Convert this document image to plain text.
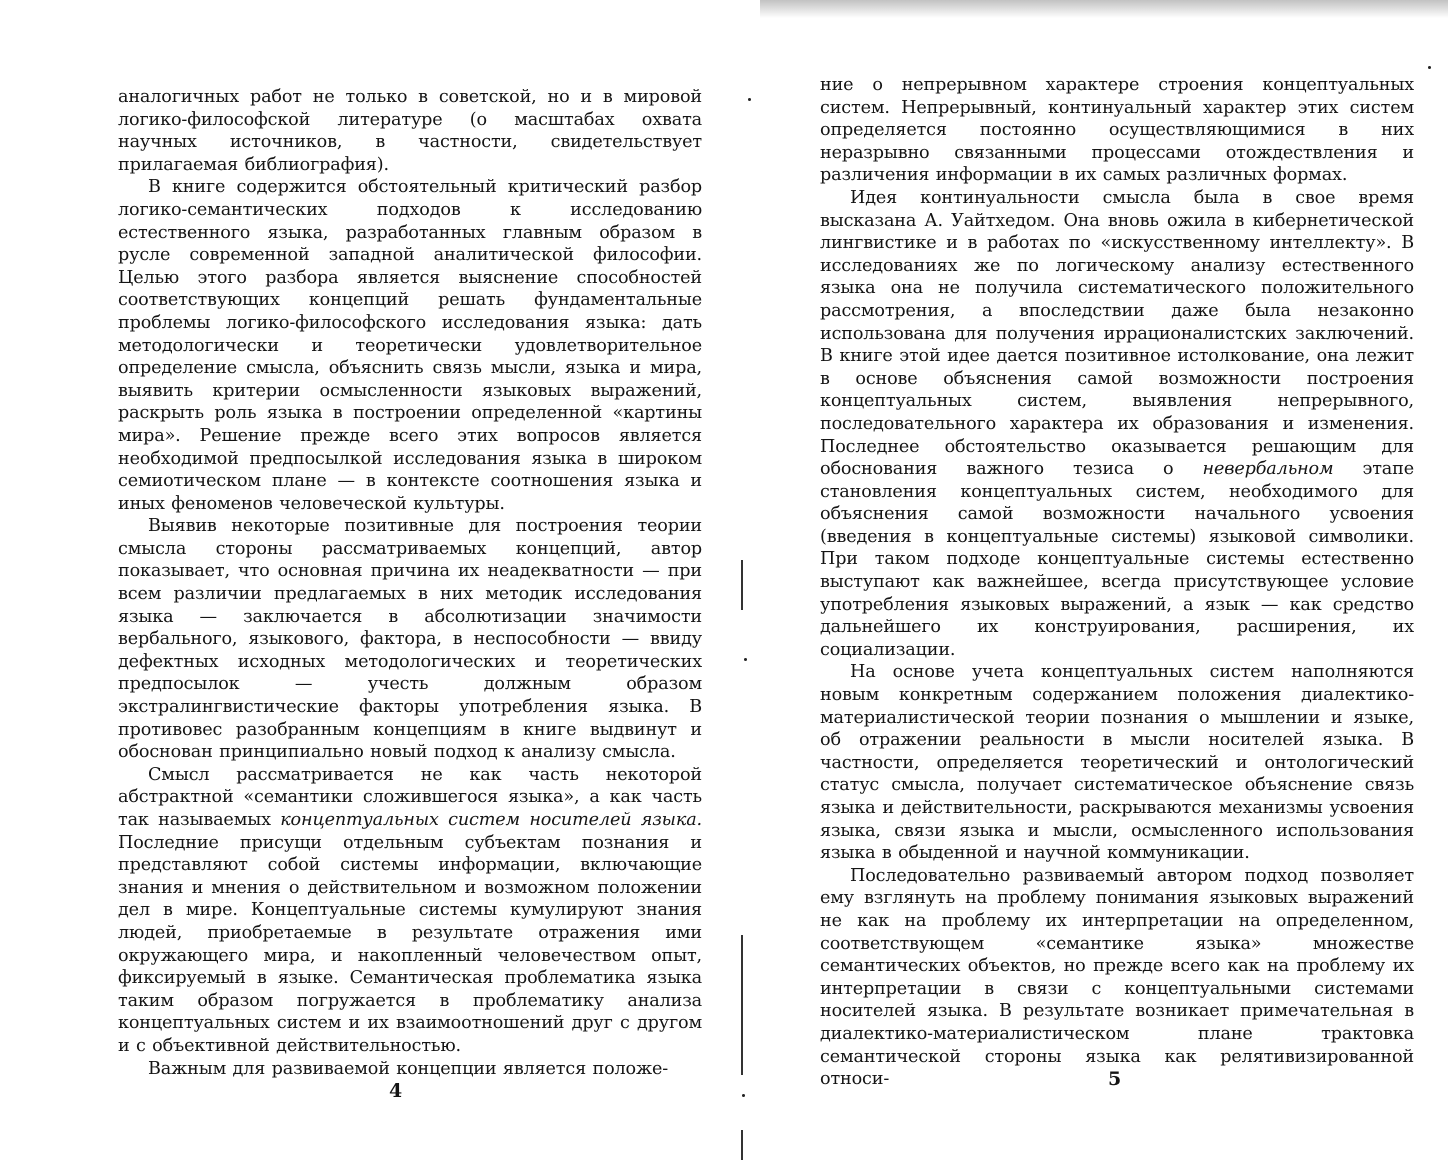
аналогичных работ не только в советской, но и в мировой логико-философской литературе (о масштабах охвата научных источников, в частности, свидетельствует прилагаемая библиография).

В книге содержится обстоятельный критический разбор логико-семантических подходов к исследованию естественного языка, разработанных главным образом в русле современной западной аналитической философии. Целью этого разбора является выяснение способностей соответствующих концепций решать фундаментальные проблемы логико-философского исследования языка: дать методологически и теоретически удовлетворительное определение смысла, объяснить связь мысли, языка и мира, выявить критерии осмысленности языковых выражений, раскрыть роль языка в построении определенной «картины мира». Решение прежде всего этих вопросов является необходимой предпосылкой исследования языка в широком семиотическом плане — в контексте соотношения языка и иных феноменов человеческой культуры.

Выявив некоторые позитивные для построения теории смысла стороны рассматриваемых концепций, автор показывает, что основная причина их неадекватности — при всем различии предлагаемых в них методик исследования языка — заключается в абсолютизации значимости вербального, языкового, фактора, в неспособности — ввиду дефектных исходных методологических и теоретических предпосылок — учесть должным образом экстралингвистические факторы употребления языка. В противовес разобранным концепциям в книге выдвинут и обоснован принципиально новый подход к анализу смысла.

Смысл рассматривается не как часть некоторой абстрактной «семантики сложившегося языка», а как часть так называемых концептуальных систем носителей языка. Последние присущи отдельным субъектам познания и представляют собой системы информации, включающие знания и мнения о действительном и возможном положении дел в мире. Концептуальные системы кумулируют знания людей, приобретаемые в результате отражения ими окружающего мира, и накопленный человечеством опыт, фиксируемый в языке. Семантическая проблематика языка таким образом погружается в проблематику анализа концептуальных систем и их взаимоотношений друг с другом и с объективной действительностью.

Важным для развиваемой концепции является положе-

4

ние о непрерывном характере строения концептуальных систем. Непрерывный, континуальный характер этих систем определяется постоянно осуществляющимися в них неразрывно связанными процессами отождествления и различения информации в их самых различных формах.

Идея континуальности смысла была в свое время высказана А. Уайтхедом. Она вновь ожила в кибернетической лингвистике и в работах по «искусственному интеллекту». В исследованиях же по логическому анализу естественного языка она не получила систематического положительного рассмотрения, а впоследствии даже была незаконно использована для получения иррационалистских заключений. В книге этой идее дается позитивное истолкование, она лежит в основе объяснения самой возможности построения концептуальных систем, выявления непрерывного, последовательного характера их образования и изменения. Последнее обстоятельство оказывается решающим для обоснования важного тезиса о невербальном этапе становления концептуальных систем, необходимого для объяснения самой возможности начального усвоения (введения в концептуальные системы) языковой символики. При таком подходе концептуальные системы естественно выступают как важнейшее, всегда присутствующее условие употребления языковых выражений, а язык — как средство дальнейшего их конструирования, расширения, их социализации.

На основе учета концептуальных систем наполняются новым конкретным содержанием положения диалектико-материалистической теории познания о мышлении и языке, об отражении реальности в мысли носителей языка. В частности, определяется теоретический и онтологический статус смысла, получает систематическое объяснение связь языка и действительности, раскрываются механизмы усвоения языка, связи языка и мысли, осмысленного использования языка в обыденной и научной коммуникации.

Последовательно развиваемый автором подход позволяет ему взглянуть на проблему понимания языковых выражений не как на проблему их интерпретации на определенном, соответствующем «семантике языка» множестве семантических объектов, но прежде всего как на проблему их интерпретации в связи с концептуальными системами носителей языка. В результате возникает примечательная в диалектико-материалистическом плане трактовка семантической стороны языка как релятивизированной относи-	5
